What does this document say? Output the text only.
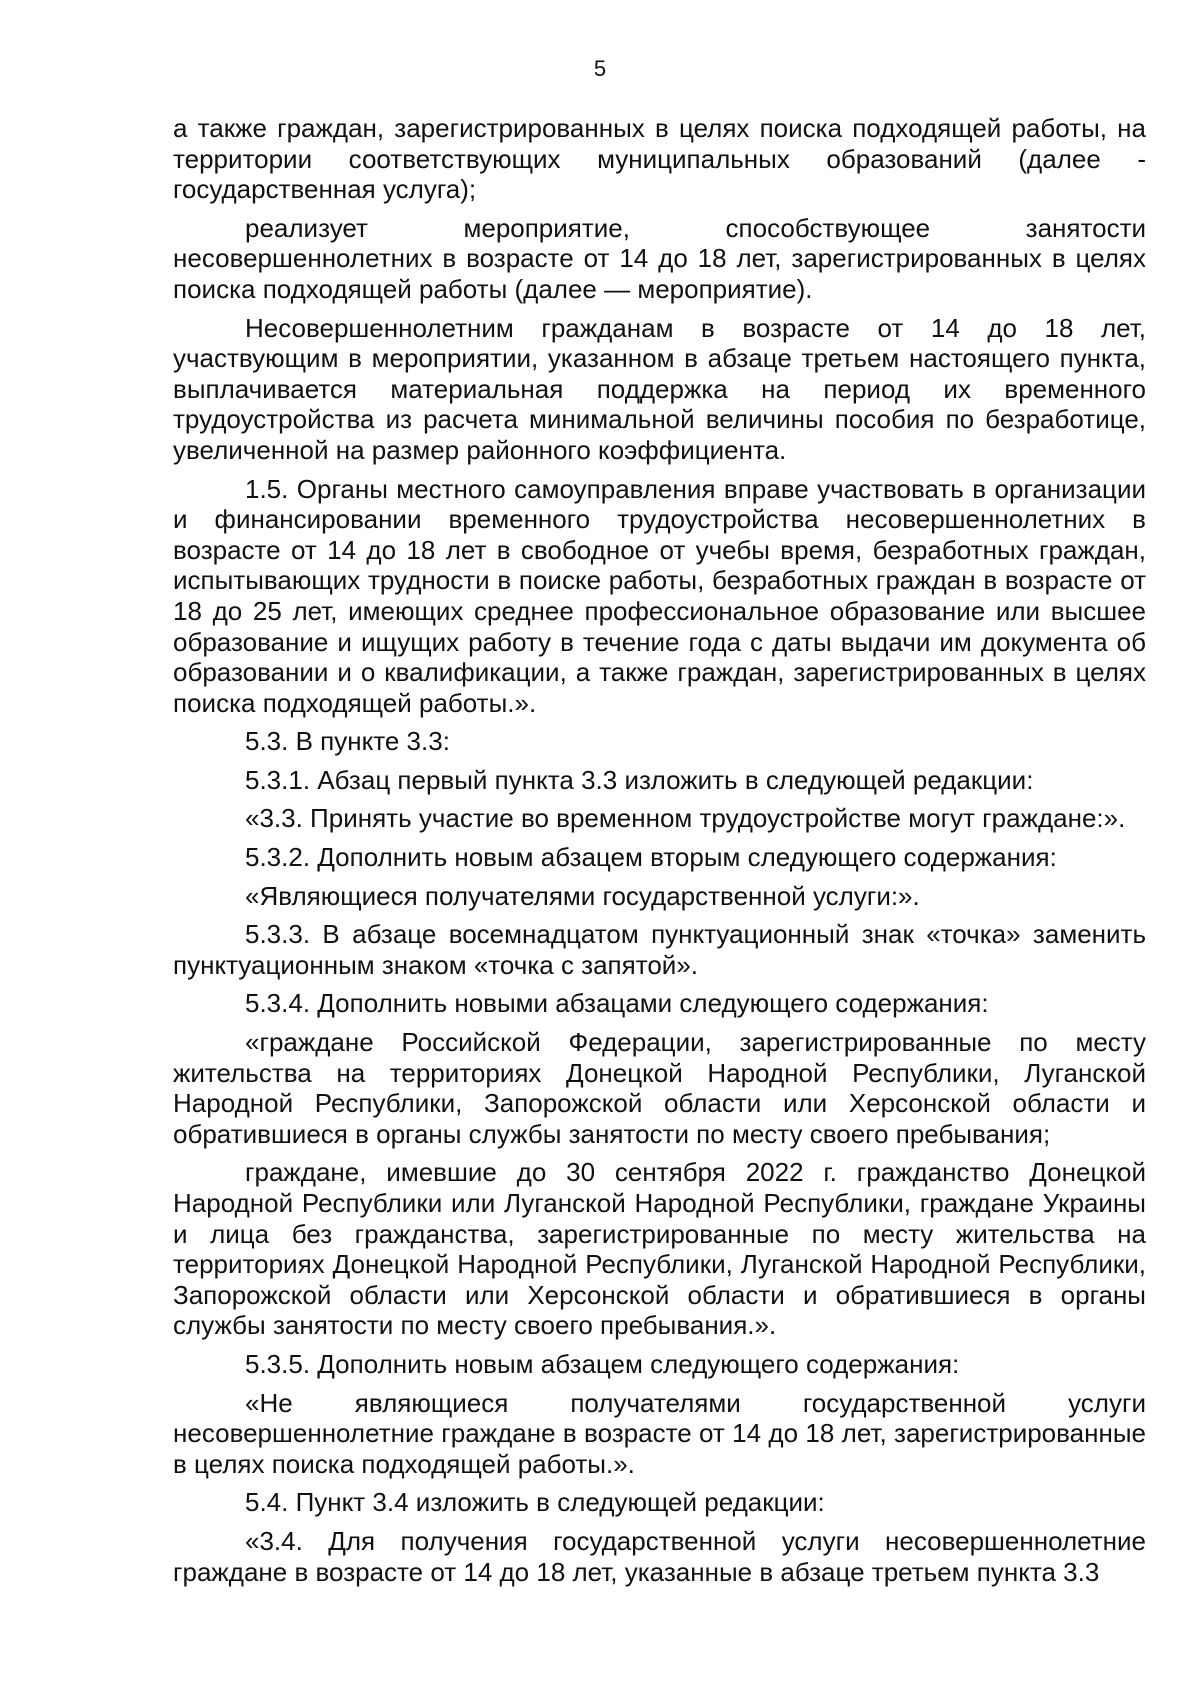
5

а также граждан, зарегистрированных в целях поиска подходящей работы, на территории соответствующих муниципальных образований (далее - государственная услуга);

реализует мероприятие, способствующее занятости несовершеннолетних в возрасте от 14 до 18 лет, зарегистрированных в целях поиска подходящей работы (далее — мероприятие).

Несовершеннолетним гражданам в возрасте от 14 до 18 лет, участвующим в мероприятии, указанном в абзаце третьем настоящего пункта, выплачивается материальная поддержка на период их временного трудоустройства из расчета минимальной величины пособия по безработице, увеличенной на размер районного коэффициента.

1.5. Органы местного самоуправления вправе участвовать в организации и финансировании временного трудоустройства несовершеннолетних в возрасте от 14 до 18 лет в свободное от учебы время, безработных граждан, испытывающих трудности в поиске работы, безработных граждан в возрасте от 18 до 25 лет, имеющих среднее профессиональное образование или высшее образование и ищущих работу в течение года с даты выдачи им документа об образовании и о квалификации, а также граждан, зарегистрированных в целях поиска подходящей работы.».

5.3. В пункте 3.3:

5.3.1. Абзац первый пункта 3.3 изложить в следующей редакции:

«3.3. Принять участие во временном трудоустройстве могут граждане:».

5.3.2. Дополнить новым абзацем вторым следующего содержания:

«Являющиеся получателями государственной услуги:».

5.3.3. В абзаце восемнадцатом пунктуационный знак «точка» заменить пунктуационным знаком «точка с запятой».

5.3.4. Дополнить новыми абзацами следующего содержания:

«граждане Российской Федерации, зарегистрированные по месту жительства на территориях Донецкой Народной Республики, Луганской Народной Республики, Запорожской области или Херсонской области и обратившиеся в органы службы занятости по месту своего пребывания;

граждане, имевшие до 30 сентября 2022 г. гражданство Донецкой Народной Республики или Луганской Народной Республики, граждане Украины и лица без гражданства, зарегистрированные по месту жительства на территориях Донецкой Народной Республики, Луганской Народной Республики, Запорожской области или Херсонской области и обратившиеся в органы службы занятости по месту своего пребывания.».

5.3.5. Дополнить новым абзацем следующего содержания:

«Не являющиеся получателями государственной услуги несовершеннолетние граждане в возрасте от 14 до 18 лет, зарегистрированные в целях поиска подходящей работы.».

5.4. Пункт 3.4 изложить в следующей редакции:

«3.4. Для получения государственной услуги несовершеннолетние граждане в возрасте от 14 до 18 лет, указанные в абзаце третьем пункта 3.3
